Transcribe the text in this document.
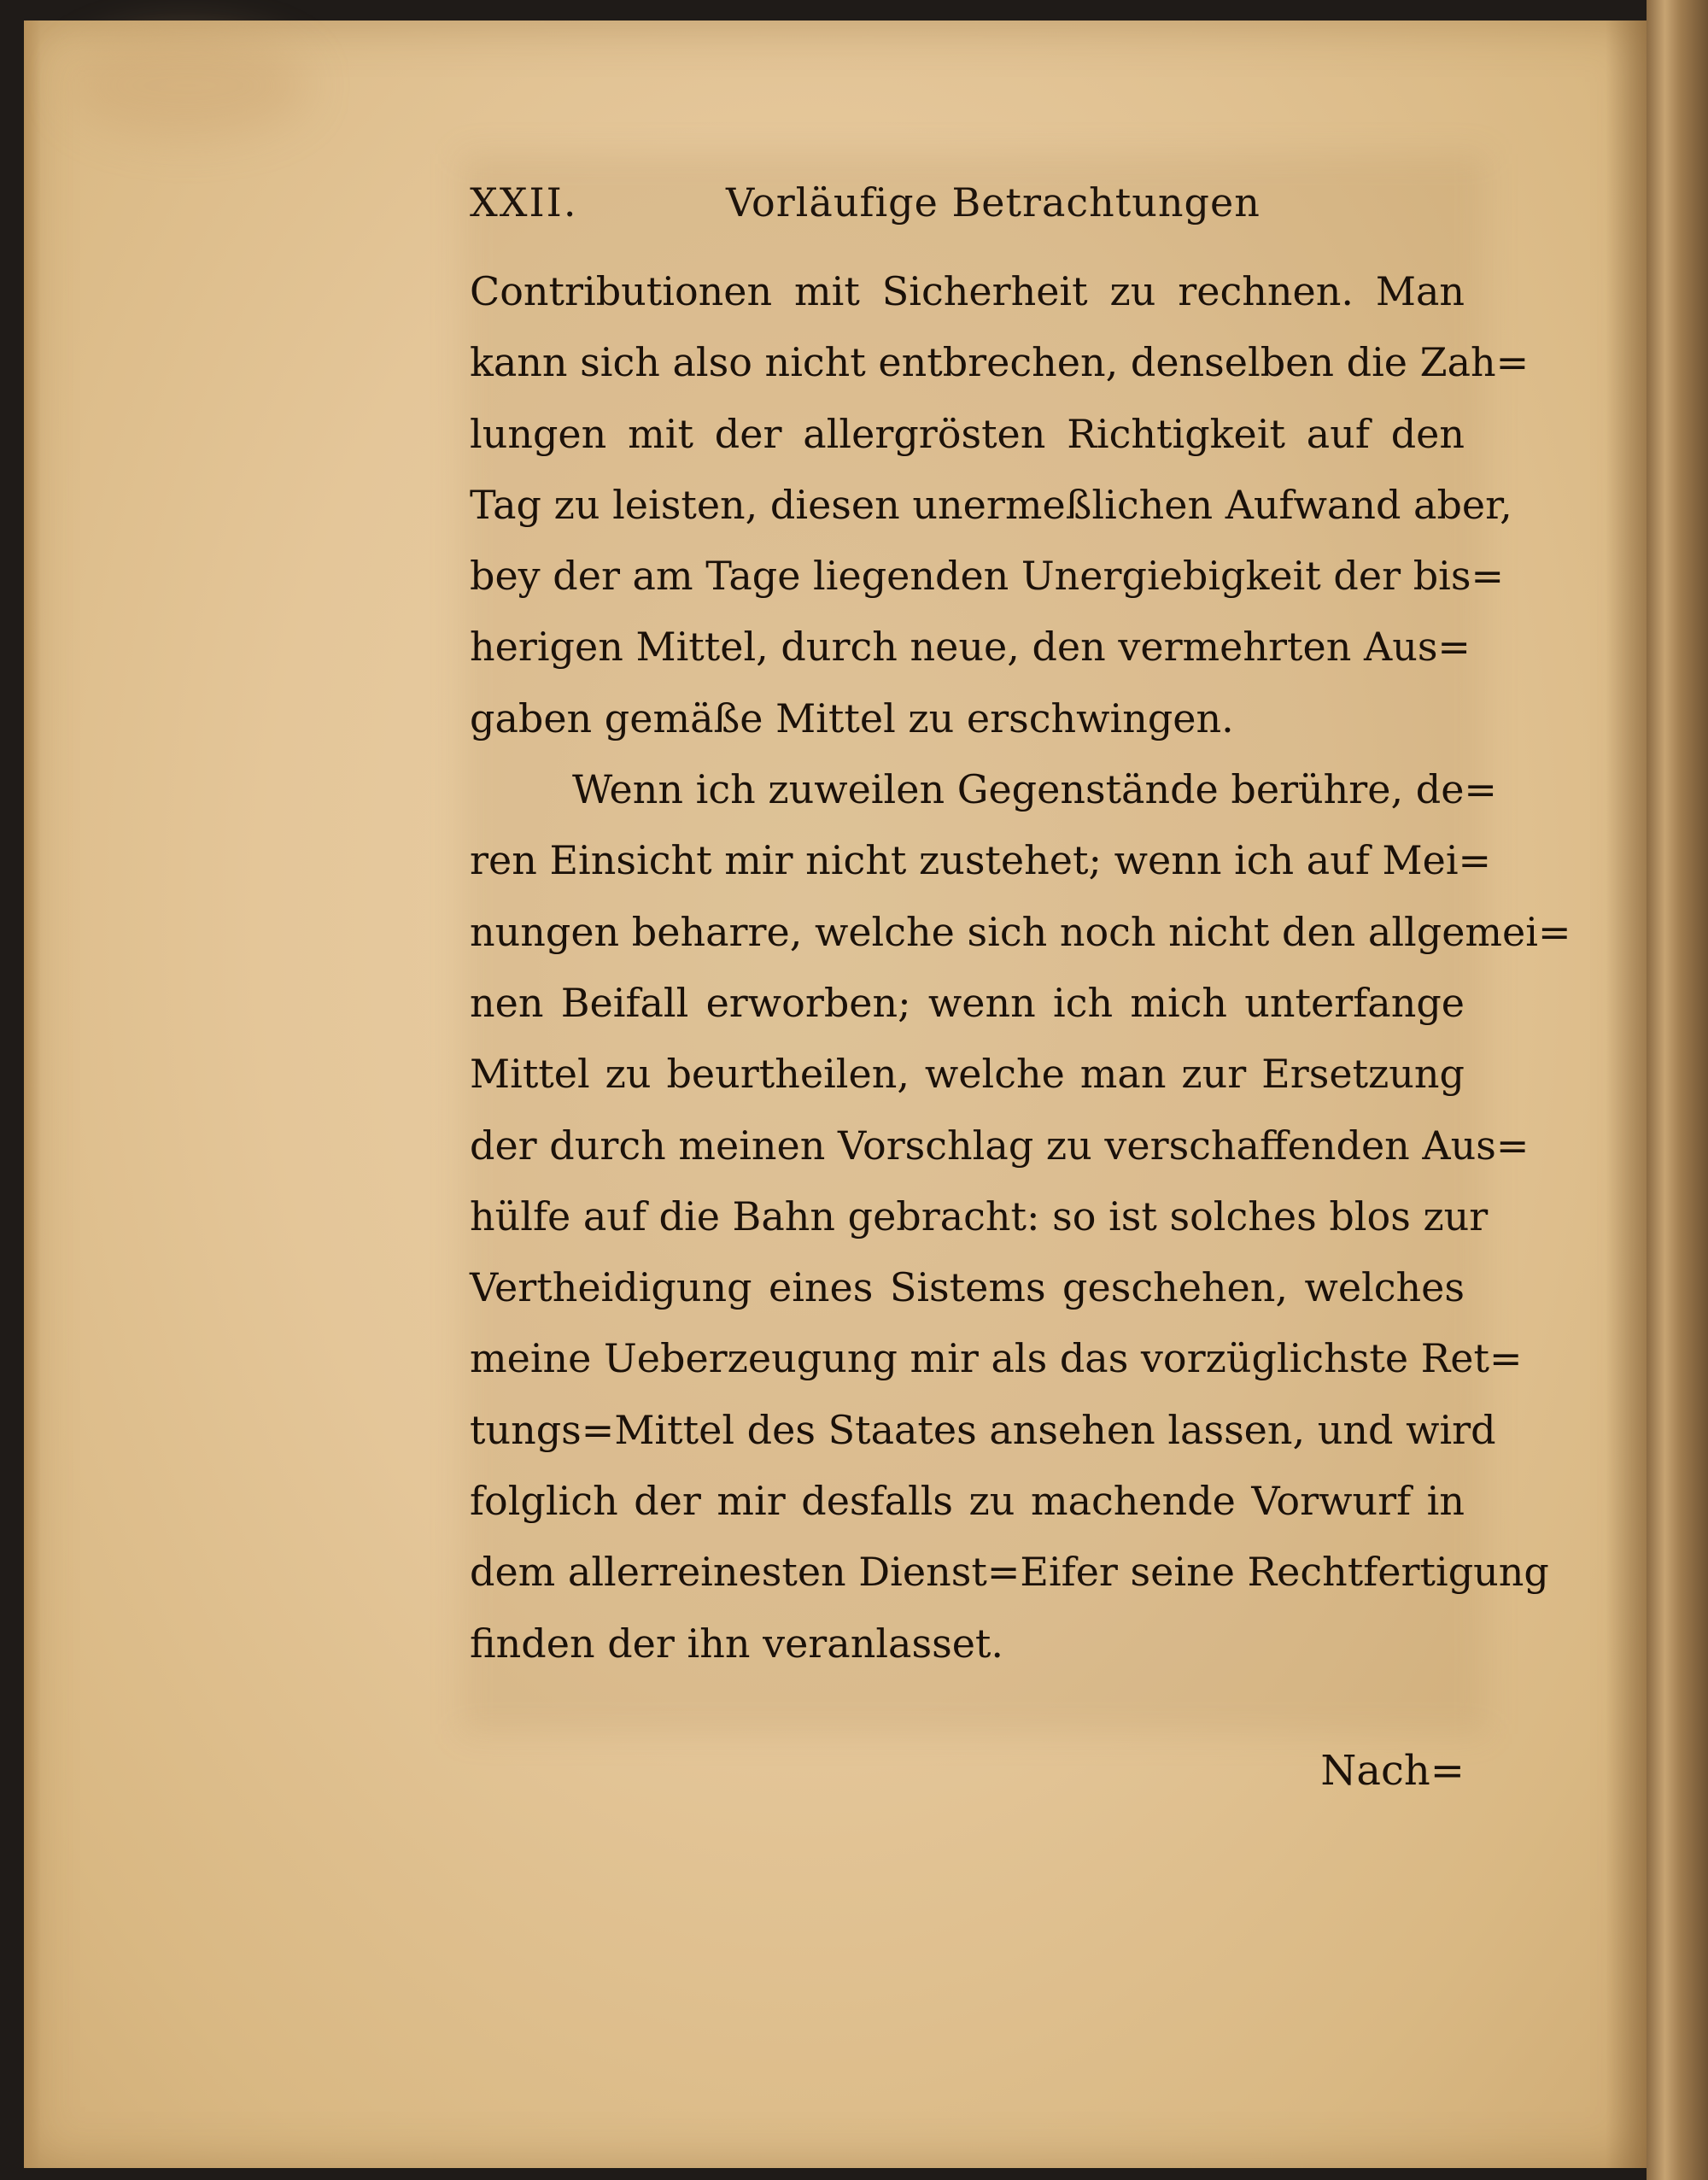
XXII.	Vorläufige Betrachtungen
Contributionen mit Sicherheit zu rechnen. Man
kann sich also nicht entbrechen, denselben die Zah=
lungen mit der allergrösten Richtigkeit auf den
Tag zu leisten, diesen unermeßlichen Aufwand aber,
bey der am Tage liegenden Unergiebigkeit der bis=
herigen Mittel, durch neue, den vermehrten Aus=
gaben gemäße Mittel zu erschwingen.
Wenn ich zuweilen Gegenstände berühre, de=
ren Einsicht mir nicht zustehet; wenn ich auf Mei=
nungen beharre, welche sich noch nicht den allgemei=
nen Beifall erworben; wenn ich mich unterfange
Mittel zu beurtheilen, welche man zur Ersetzung
der durch meinen Vorschlag zu verschaffenden Aus=
hülfe auf die Bahn gebracht: so ist solches blos zur
Vertheidigung eines Sistems geschehen, welches
meine Ueberzeugung mir als das vorzüglichste Ret=
tungs=Mittel des Staates ansehen lassen, und wird
folglich der mir desfalls zu machende Vorwurf in
dem allerreinesten Dienst=Eifer seine Rechtfertigung
finden der ihn veranlasset.
Nach=
